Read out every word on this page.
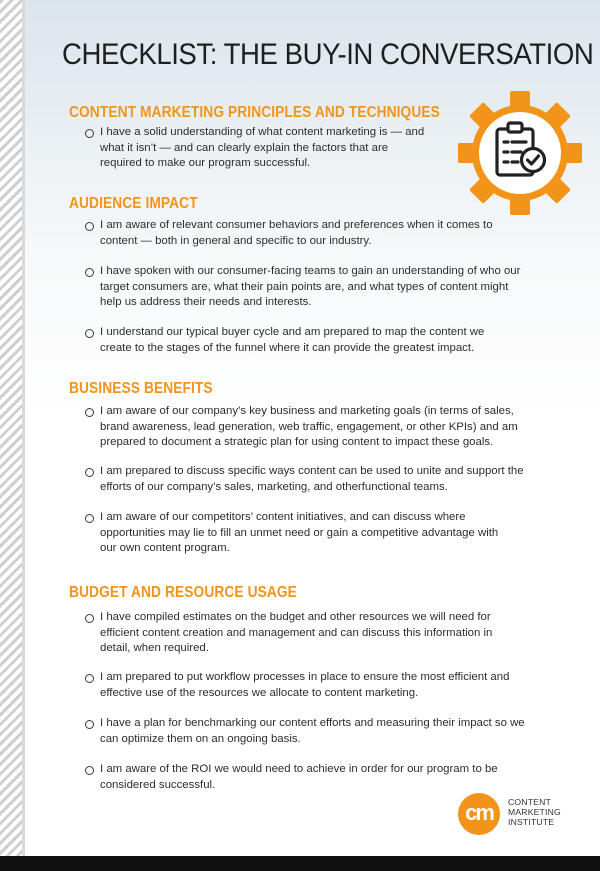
CHECKLIST: THE BUY-IN CONVERSATION
CONTENT MARKETING PRINCIPLES AND TECHNIQUES
I have a solid understanding of what content marketing is — and what it isn’t — and can clearly explain the factors that are required to make our program successful.
AUDIENCE IMPACT
I am aware of relevant consumer behaviors and preferences when it comes to content — both in general and specific to our industry.
I have spoken with our consumer-facing teams to gain an understanding of who our target consumers are, what their pain points are, and what types of content might help us address their needs and interests.
I understand our typical buyer cycle and am prepared to map the content we create to the stages of the funnel where it can provide the greatest impact.
BUSINESS BENEFITS
I am aware of our company’s key business and marketing goals (in terms of sales, brand awareness, lead generation, web traffic, engagement, or other KPIs) and am prepared to document a strategic plan for using content to impact these goals.
I am prepared to discuss specific ways content can be used to unite and support the efforts of our company’s sales, marketing, and otherfunctional teams.
I am aware of our competitors’ content initiatives, and can discuss where opportunities may lie to fill an unmet need or gain a competitive advantage with our own content program.
BUDGET AND RESOURCE USAGE
I have compiled estimates on the budget and other resources we will need for efficient content creation and management and can discuss this information in detail, when required.
I am prepared to put workflow processes in place to ensure the most efficient and effective use of the resources we allocate to content marketing.
I have a plan for benchmarking our content efforts and measuring their impact so we can optimize them on an ongoing basis.
I am aware of the ROI we would need to achieve in order for our program to be considered successful.
cm CONTENT
MARKETING
INSTITUTE
